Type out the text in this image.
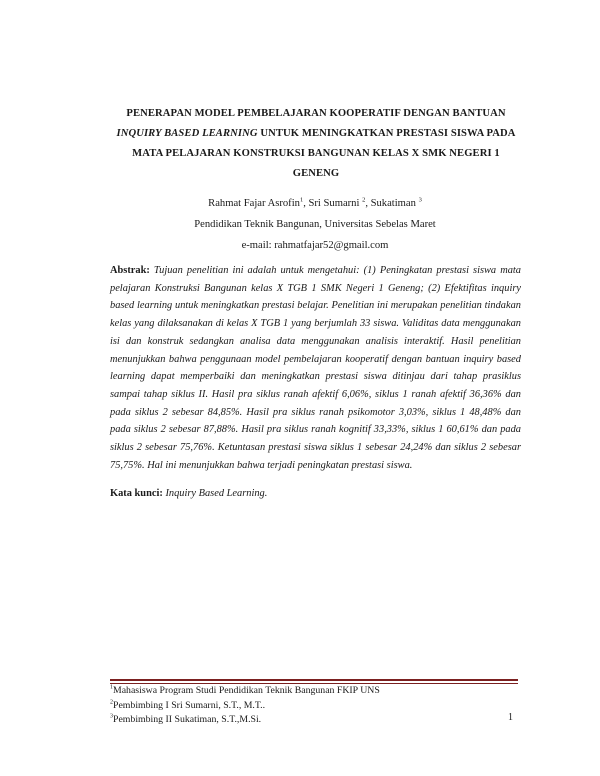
PENERAPAN MODEL PEMBELAJARAN KOOPERATIF DENGAN BANTUAN
INQUIRY BASED LEARNING UNTUK MENINGKATKAN PRESTASI SISWA PADA
MATA PELAJARAN KONSTRUKSI BANGUNAN KELAS X SMK NEGERI 1
GENENG
Rahmat Fajar Asrofin$^1$, Sri Sumarni $^2$, Sukatiman $^3$
Pendidikan Teknik Bangunan, Universitas Sebelas Maret
e-mail: rahmatfajar52@gmail.com
Abstrak: Tujuan penelitian ini adalah untuk mengetahui: (1) Peningkatan prestasi siswa mata pelajaran Konstruksi Bangunan kelas X TGB 1 SMK Negeri 1 Geneng; (2) Efektifitas inquiry based learning untuk meningkatkan prestasi belajar. Penelitian ini merupakan penelitian tindakan kelas yang dilaksanakan di kelas X TGB 1 yang berjumlah 33 siswa. Validitas data menggunakan isi dan konstruk sedangkan analisa data menggunakan analisis interaktif. Hasil penelitian menunjukkan bahwa penggunaan model pembelajaran kooperatif dengan bantuan inquiry based learning dapat memperbaiki dan meningkatkan prestasi siswa ditinjau dari tahap prasiklus sampai tahap siklus II. Hasil pra siklus ranah afektif 6,06%, siklus 1 ranah afektif 36,36% dan pada siklus 2 sebesar 84,85%. Hasil pra siklus ranah psikomotor 3,03%, siklus 1 48,48% dan pada siklus 2 sebesar 87,88%. Hasil pra siklus ranah kognitif 33,33%, siklus 1 60,61% dan pada siklus 2 sebesar 75,76%. Ketuntasan prestasi siswa siklus 1 sebesar 24,24% dan siklus 2 sebesar 75,75%. Hal ini menunjukkan bahwa terjadi peningkatan prestasi siswa.
Kata kunci: Inquiry Based Learning.
$^1$Mahasiswa Program Studi Pendidikan Teknik Bangunan FKIP UNS
$^2$Pembimbing I Sri Sumarni, S.T., M.T..
$^3$Pembimbing II Sukatiman, S.T.,M.Si.	1
